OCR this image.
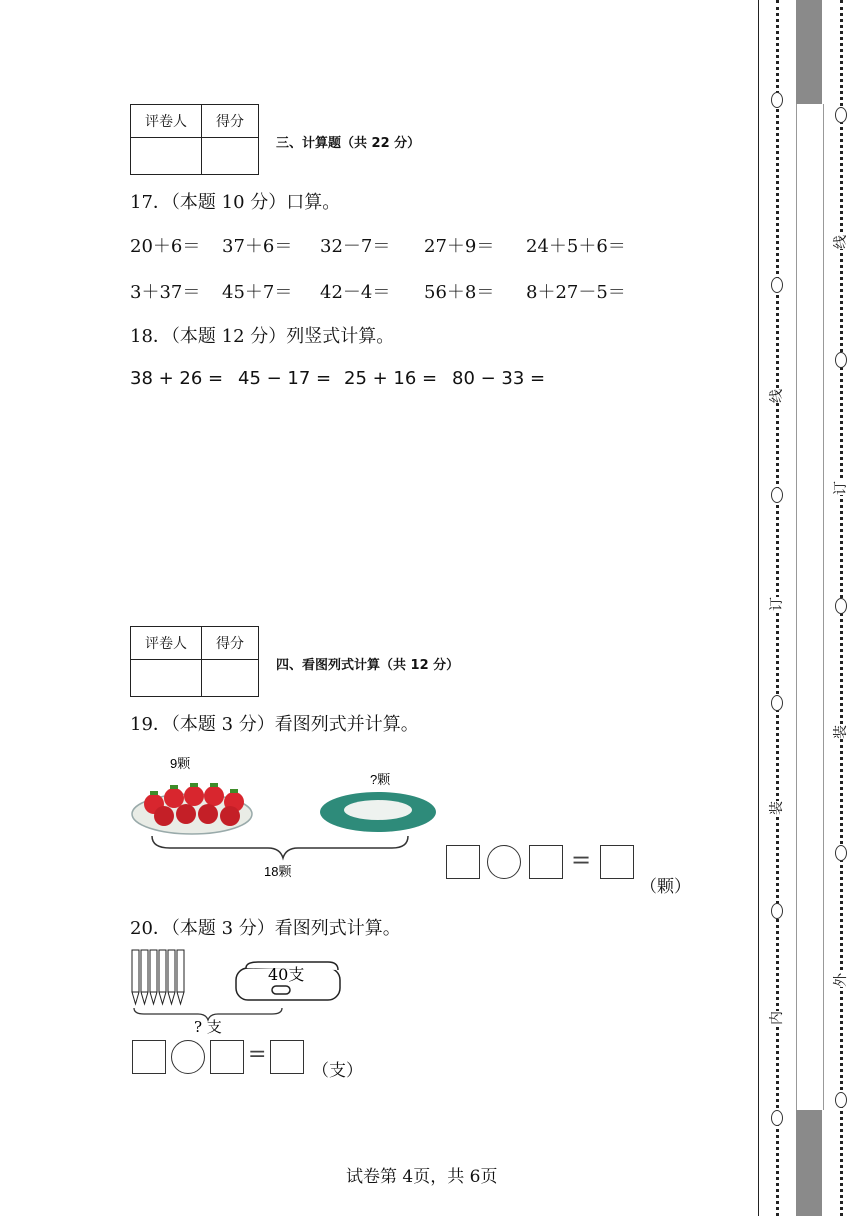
评卷人	得分

三、计算题（共 22 分）
17．（本题 10 分）口算。
20＋6＝ 37＋6＝ 32－7＝ 27＋9＝ 24＋5＋6＝
3＋37＝ 45＋7＝ 42－4＝ 56＋8＝ 8＋27－5＝
18．（本题 12 分）列竖式计算。
38 + 26 = 45 − 17 = 25 + 16 = 80 − 33 =
评卷人	得分

四、看图列式计算（共 12 分）
19．（本题 3 分）看图列式并计算。
9颗
?颗
18颗	=
（颗）
20．（本题 3 分）看图列式计算。
40支
? 支
=
（支）
试卷第 4页，共 6页
线
订
装
内
线
订
装
外
